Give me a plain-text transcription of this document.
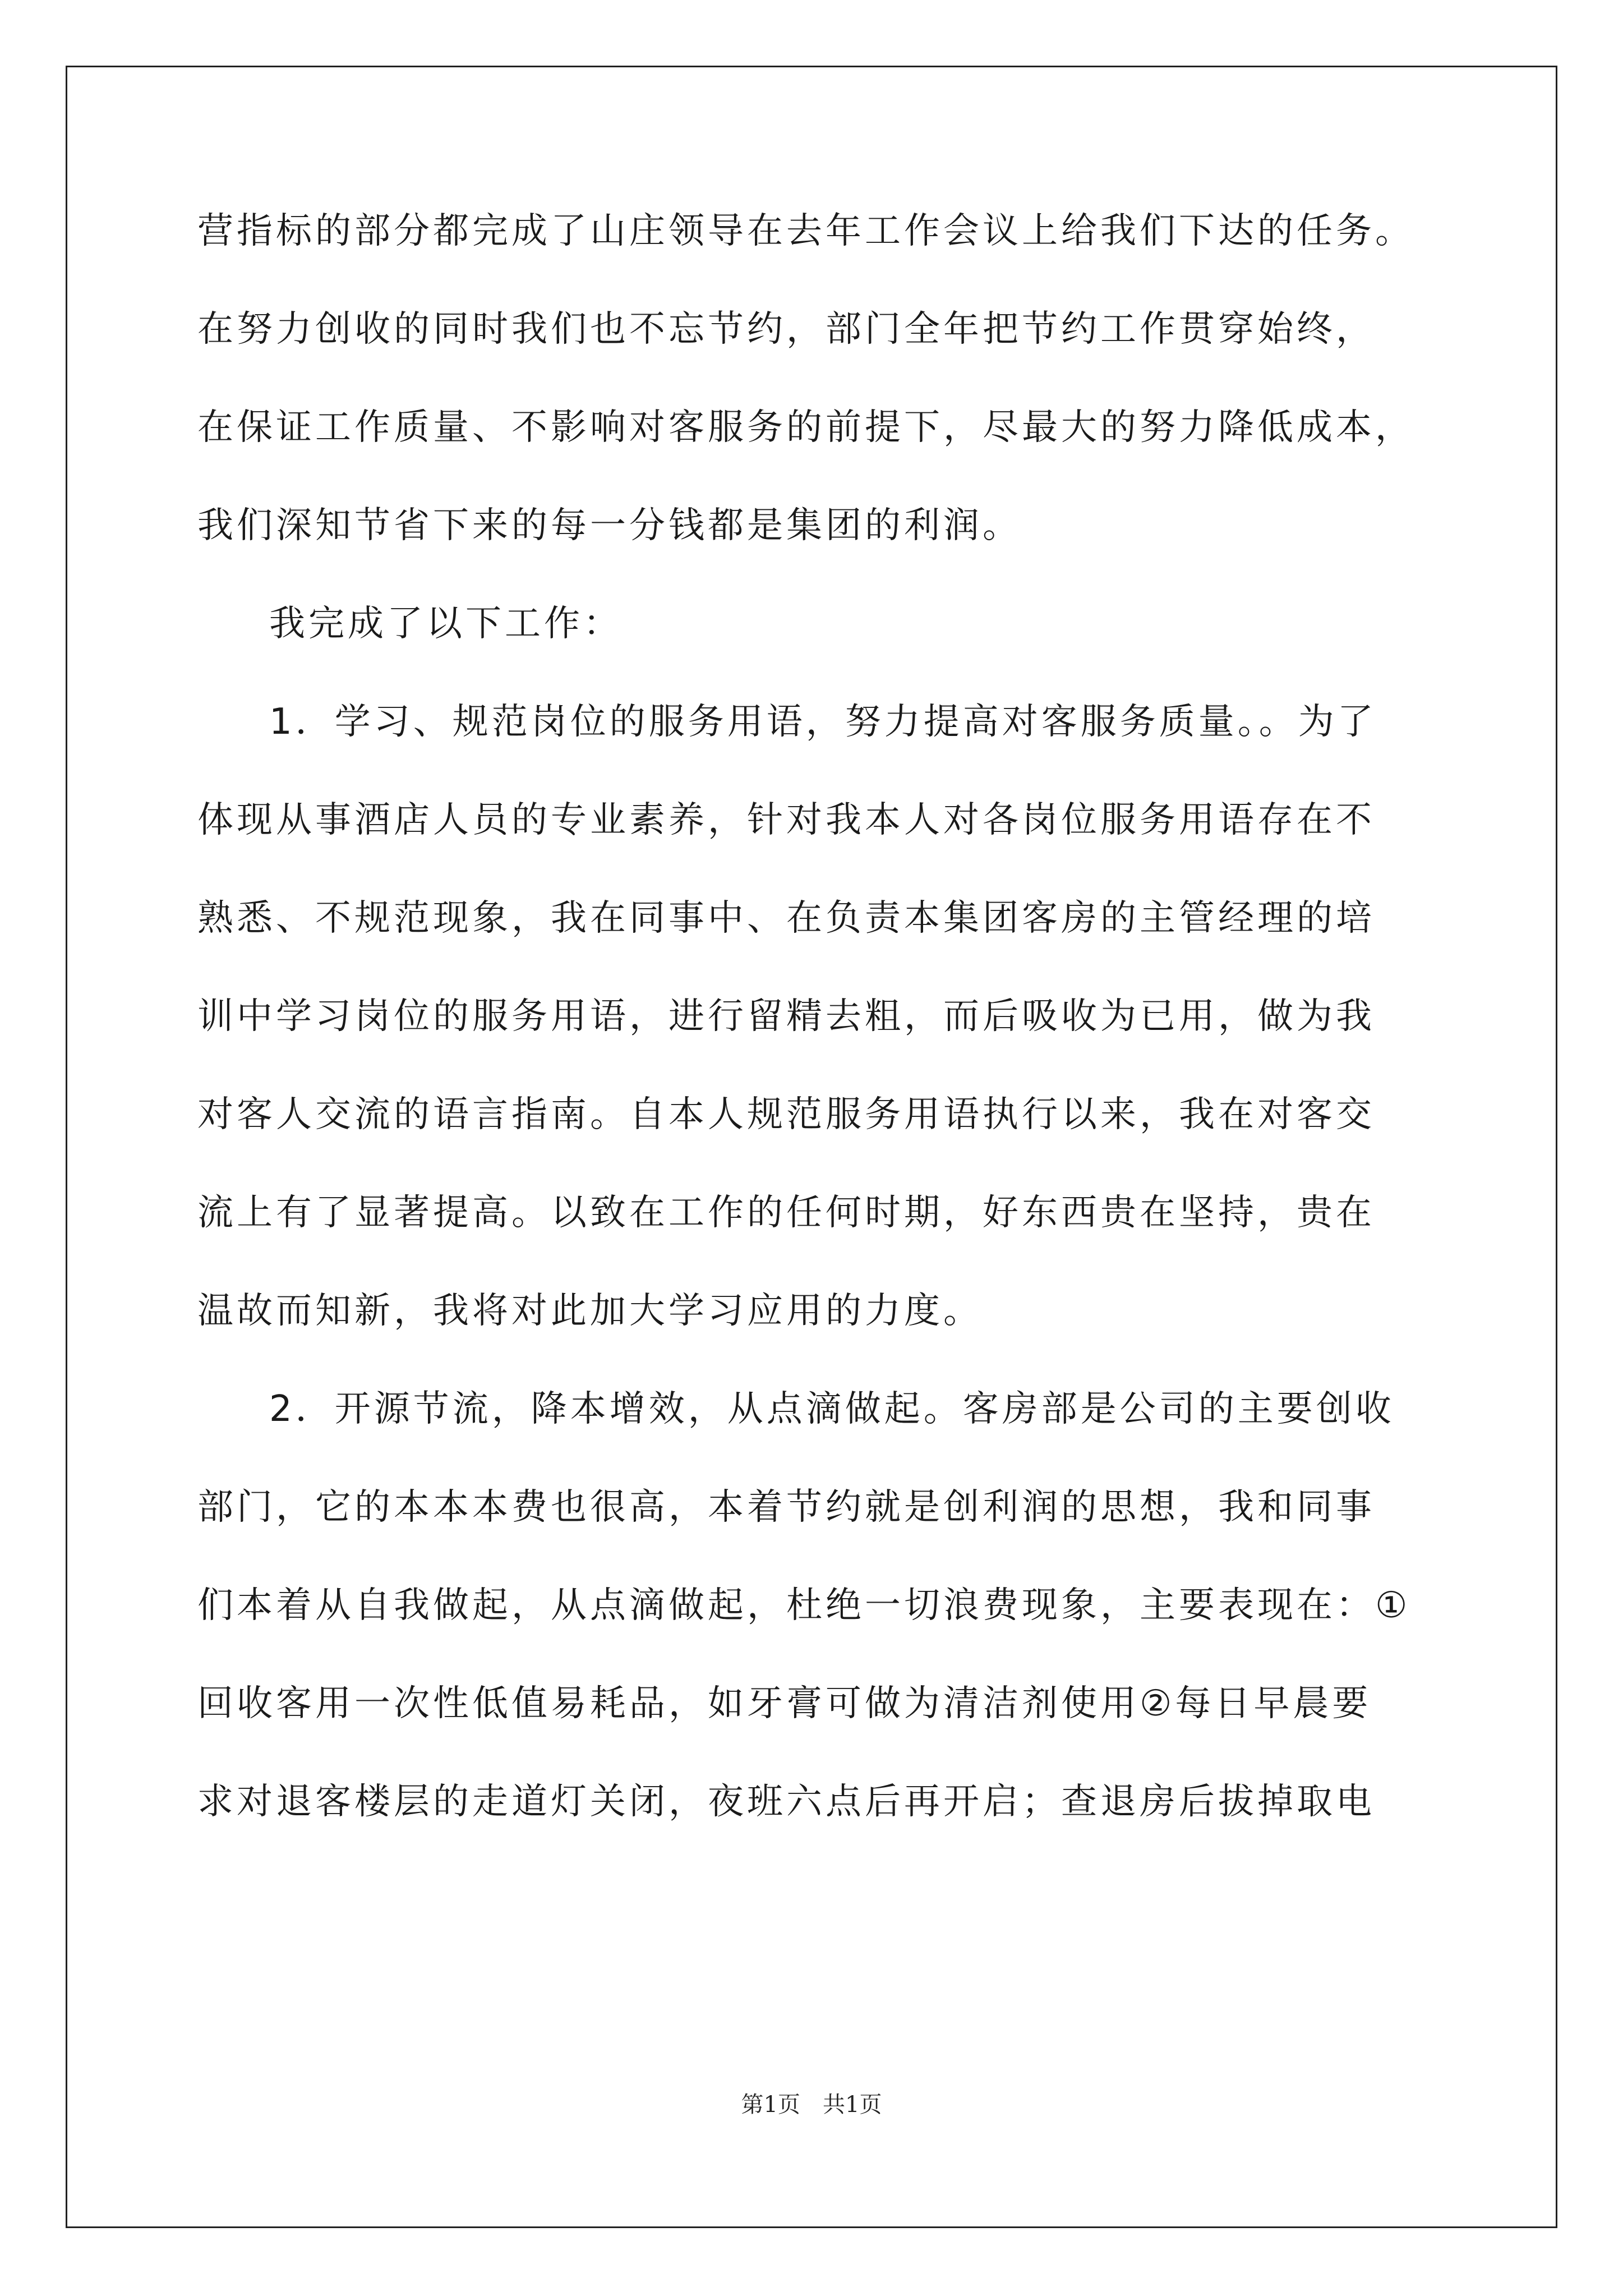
营指标的部分都完成了山庄领导在去年工作会议上给我们下达的任务。
在努力创收的同时我们也不忘节约，部门全年把节约工作贯穿始终，
在保证工作质量、不影响对客服务的前提下，尽最大的努力降低成本，
我们深知节省下来的每一分钱都是集团的利润。
我完成了以下工作：
1．学习、规范岗位的服务用语，努力提高对客服务质量。。为了
体现从事酒店人员的专业素养，针对我本人对各岗位服务用语存在不
熟悉、不规范现象，我在同事中、在负责本集团客房的主管经理的培
训中学习岗位的服务用语，进行留精去粗，而后吸收为已用，做为我
对客人交流的语言指南。自本人规范服务用语执行以来，我在对客交
流上有了显著提高。以致在工作的任何时期，好东西贵在坚持，贵在
温故而知新，我将对此加大学习应用的力度。
2．开源节流，降本增效，从点滴做起。客房部是公司的主要创收
部门，它的本本本费也很高，本着节约就是创利润的思想，我和同事
们本着从自我做起，从点滴做起，杜绝一切浪费现象，主要表现在：①
回收客用一次性低值易耗品，如牙膏可做为清洁剂使用②每日早晨要
求对退客楼层的走道灯关闭，夜班六点后再开启；查退房后拔掉取电
第1页　共1页
